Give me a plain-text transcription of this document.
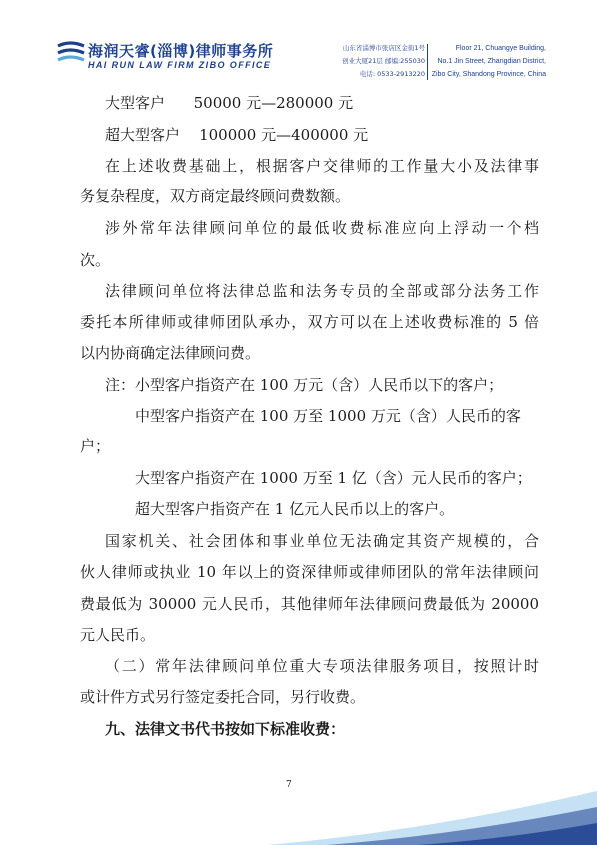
海润天睿(淄博)律师事务所
HAI RUN LAW FIRM ZIBO OFFICE
山东省淄博市张店区金街1号
创业大厦21层 邮编:255030
电话: 0533-2913220
Floor 21, Chuangye Building,
No.1 Jin Street, Zhangdian District,
Zibo City, Shandong Province, China
大型客户      50000 元—280000 元
超大型客户    100000 元—400000 元
在上述收费基础上，根据客户交律师的工作量大小及法律事
务复杂程度，双方商定最终顾问费数额。
涉外常年法律顾问单位的最低收费标准应向上浮动一个档
次。
法律顾问单位将法律总监和法务专员的全部或部分法务工作
委托本所律师或律师团队承办，双方可以在上述收费标准的 5 倍
以内协商确定法律顾问费。
注：小型客户指资产在 100 万元（含）人民币以下的客户；
中型客户指资产在 100 万至 1000 万元（含）人民币的客
户；
大型客户指资产在 1000 万至 1 亿（含）元人民币的客户；
超大型客户指资产在 1 亿元人民币以上的客户。
国家机关、社会团体和事业单位无法确定其资产规模的，合
伙人律师或执业 10 年以上的资深律师或律师团队的常年法律顾问
费最低为 30000 元人民币，其他律师年法律顾问费最低为 20000
元人民币。
（二）常年法律顾问单位重大专项法律服务项目，按照计时
或计件方式另行签定委托合同，另行收费。
九、法律文书代书按如下标准收费：
7
